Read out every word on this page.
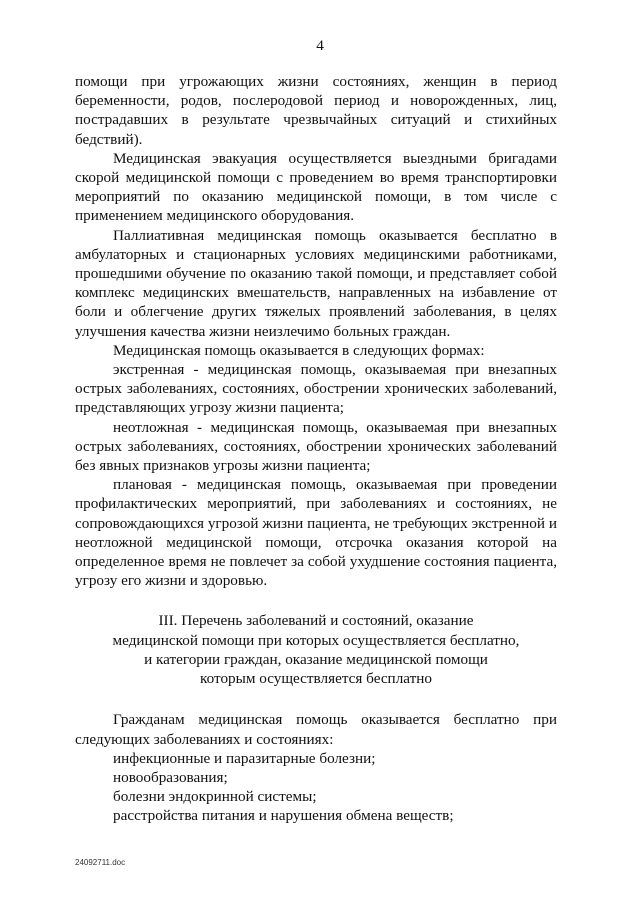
4

помощи при угрожающих жизни состояниях, женщин в период беременности, родов, послеродовой период и новорожденных, лиц, пострадавших в результате чрезвычайных ситуаций и стихийных бедствий).

Медицинская эвакуация осуществляется выездными бригадами скорой медицинской помощи с проведением во время транспортировки мероприятий по оказанию медицинской помощи, в том числе с применением медицинского оборудования.

Паллиативная медицинская помощь оказывается бесплатно в амбулаторных и стационарных условиях медицинскими работниками, прошедшими обучение по оказанию такой помощи, и представляет собой комплекс медицинских вмешательств, направленных на избавление от боли и облегчение других тяжелых проявлений заболевания, в целях улучшения качества жизни неизлечимо больных граждан.

Медицинская помощь оказывается в следующих формах:

экстренная - медицинская помощь, оказываемая при внезапных острых заболеваниях, состояниях, обострении хронических заболеваний, представляющих угрозу жизни пациента;

неотложная - медицинская помощь, оказываемая при внезапных острых заболеваниях, состояниях, обострении хронических заболеваний без явных признаков угрозы жизни пациента;

плановая - медицинская помощь, оказываемая при проведении профилактических мероприятий, при заболеваниях и состояниях, не сопровождающихся угрозой жизни пациента, не требующих экстренной и неотложной медицинской помощи, отсрочка оказания которой на определенное время не повлечет за собой ухудшение состояния пациента, угрозу его жизни и здоровью.

III. Перечень заболеваний и состояний, оказание
медицинской помощи при которых осуществляется бесплатно,
и категории граждан, оказание медицинской помощи
которым осуществляется бесплатно

Гражданам медицинская помощь оказывается бесплатно при следующих заболеваниях и состояниях:

инфекционные и паразитарные болезни;

новообразования;

болезни эндокринной системы;

расстройства питания и нарушения обмена веществ;

24092711.doc
